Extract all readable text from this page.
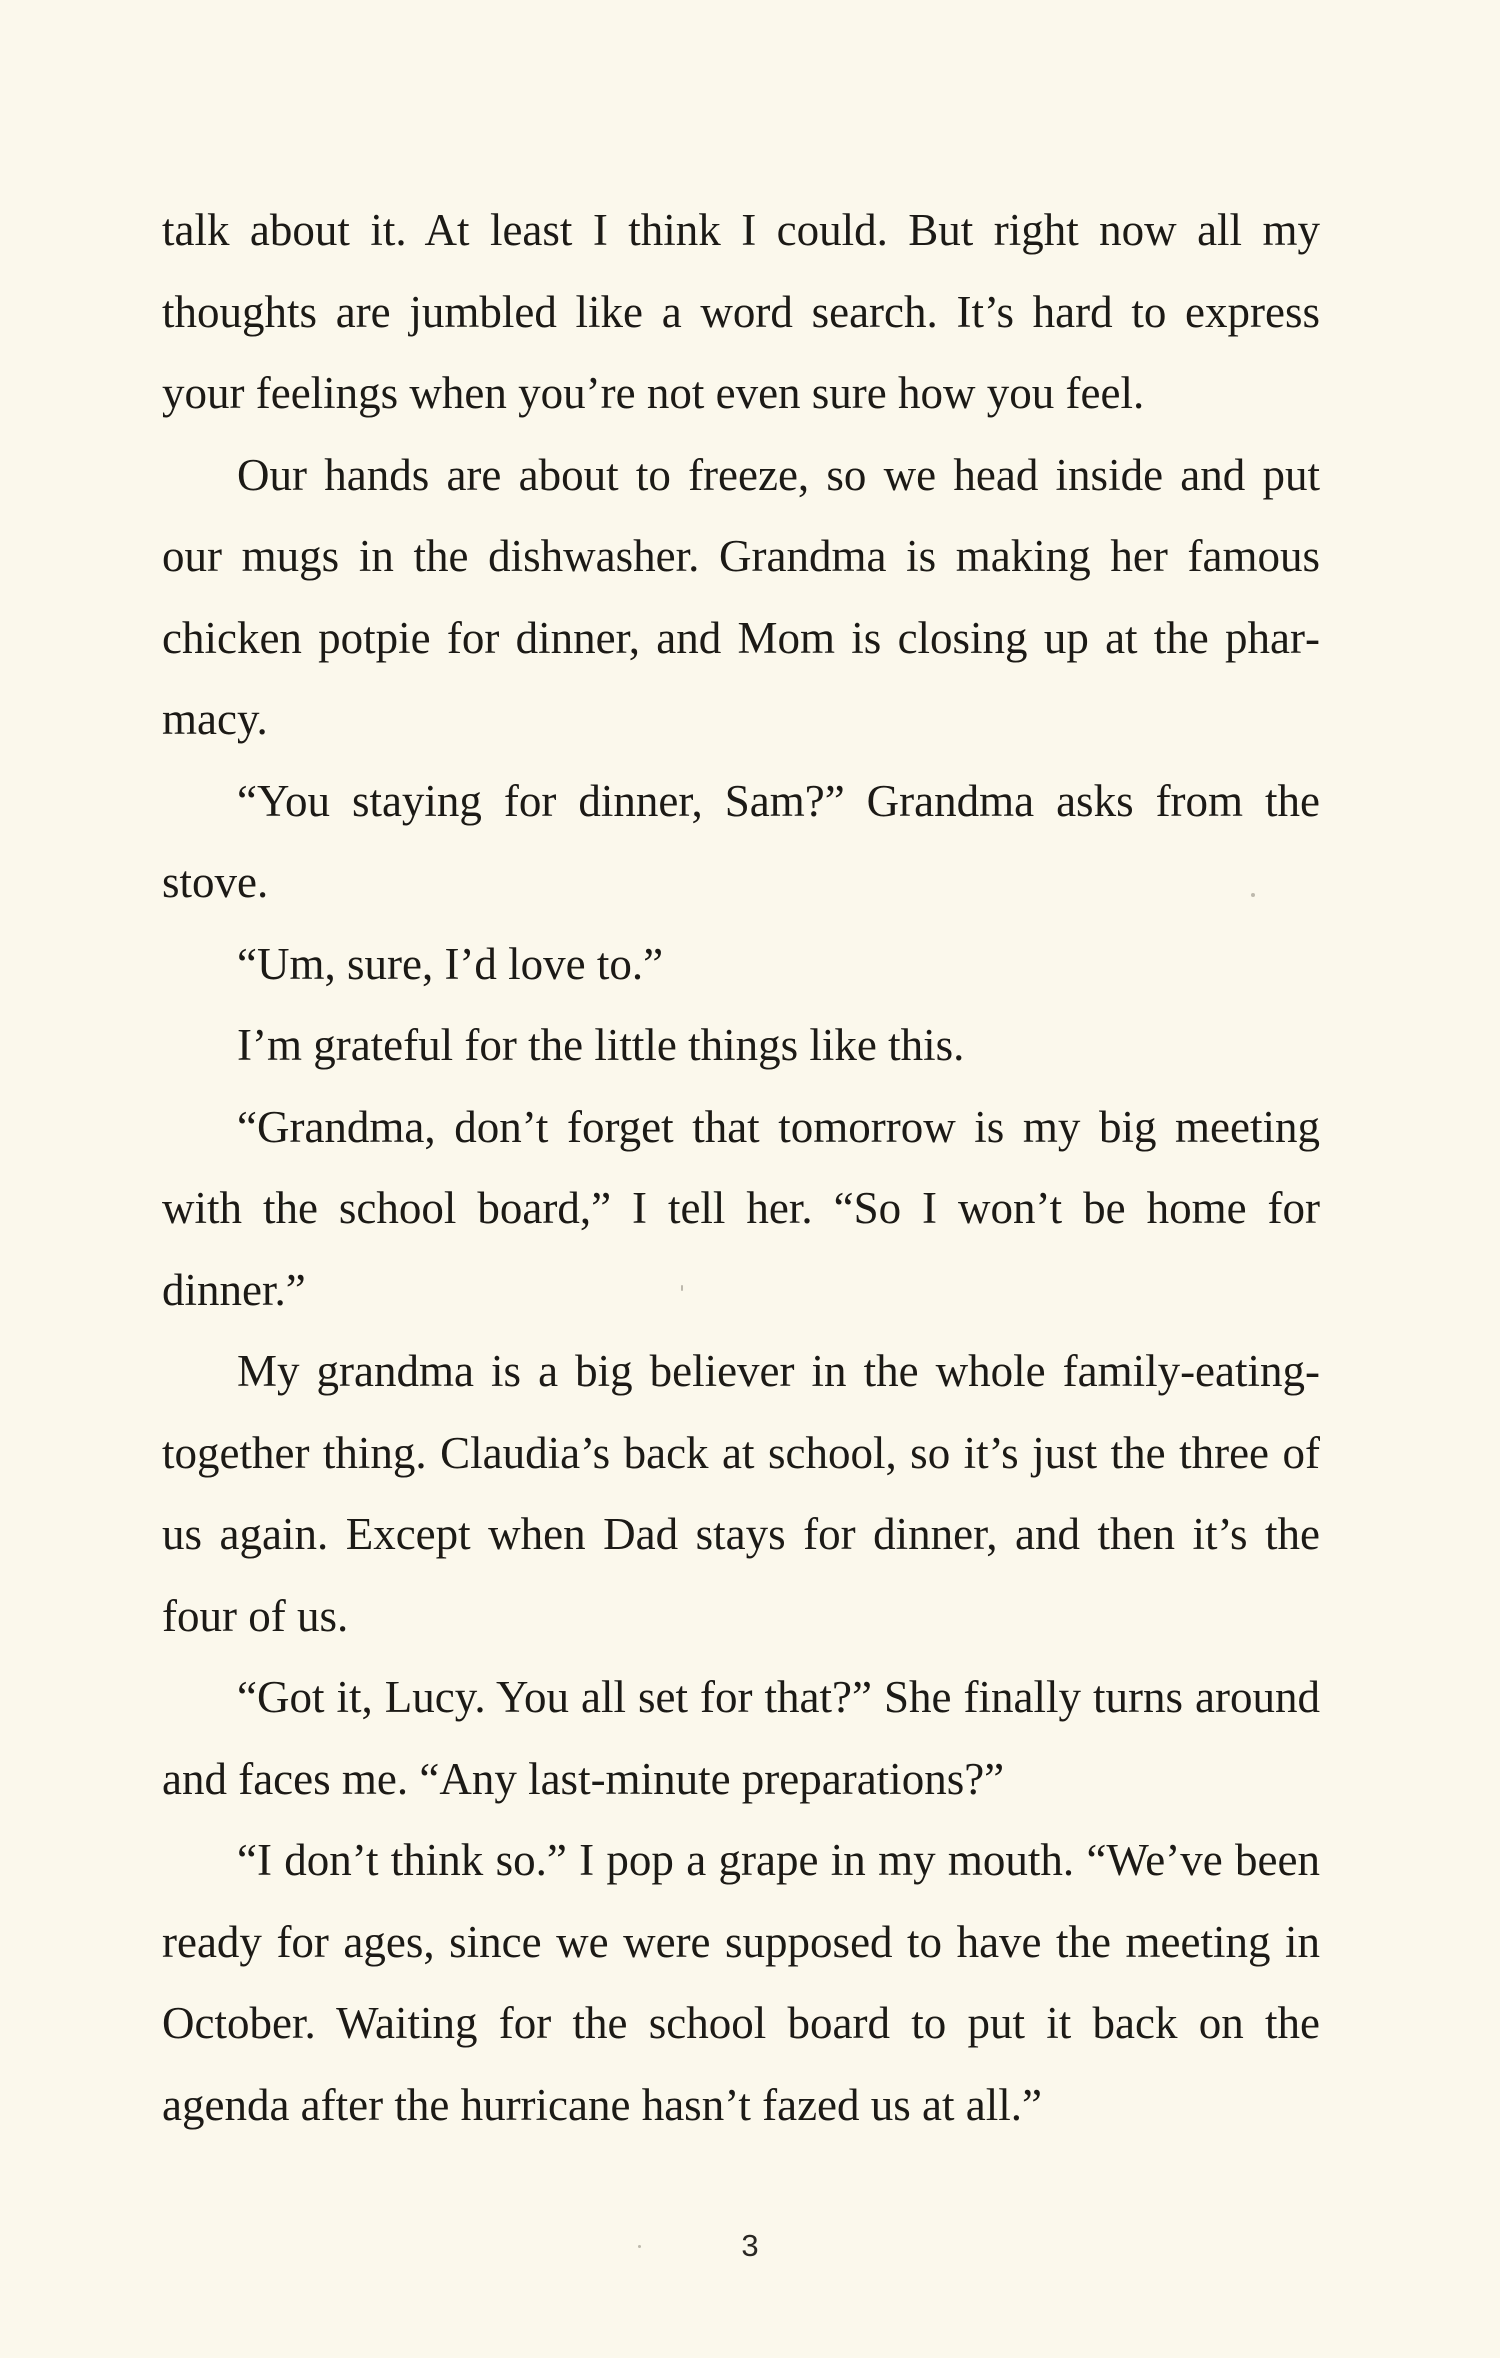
talk about it. At least I think I could. But right now all my thoughts are jumbled like a word search. It’s hard to express your feelings when you’re not even sure how you feel.

Our hands are about to freeze, so we head inside and put our mugs in the dishwasher. Grandma is making her famous chicken potpie for dinner, and Mom is closing up at the pharmacy.

“You staying for dinner, Sam?” Grandma asks from the stove.

“Um, sure, I’d love to.”

I’m grateful for the little things like this.

“Grandma, don’t forget that tomorrow is my big meeting with the school board,” I tell her. “So I won’t be home for dinner.”

My grandma is a big believer in the whole family-eating-together thing. Claudia’s back at school, so it’s just the three of us again. Except when Dad stays for dinner, and then it’s the four of us.

“Got it, Lucy. You all set for that?” She finally turns around and faces me. “Any last-minute preparations?”

“I don’t think so.” I pop a grape in my mouth. “We’ve been ready for ages, since we were supposed to have the meeting in October. Waiting for the school board to put it back on the agenda after the hurricane hasn’t fazed us at all.”

3
